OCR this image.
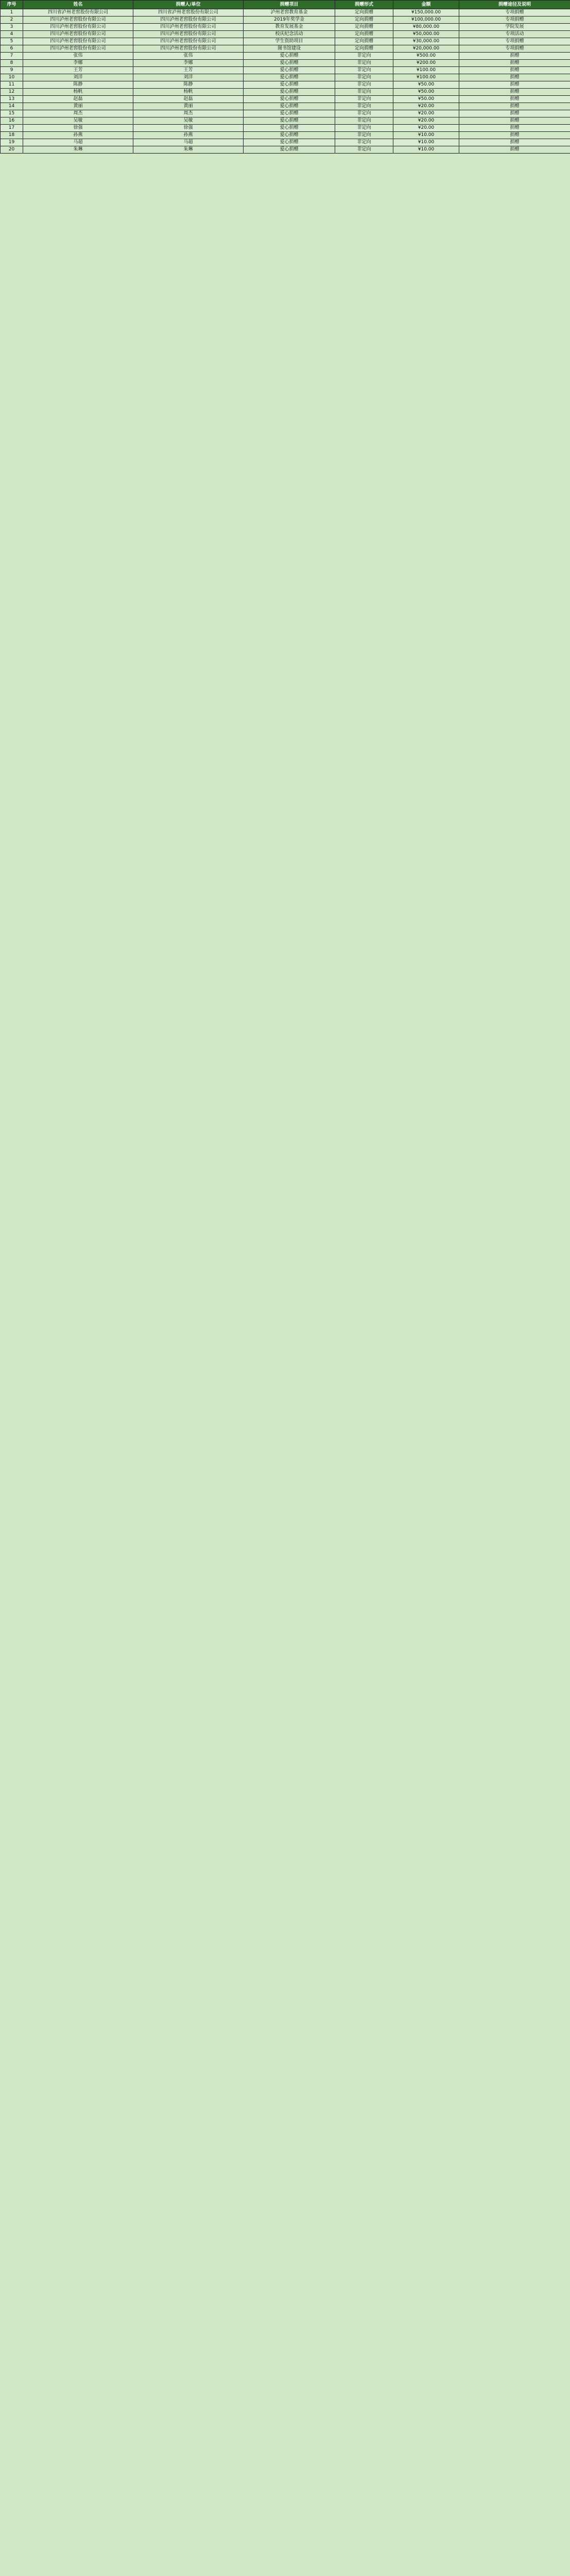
序号	姓名	捐赠人/单位	捐赠项目	捐赠形式	金额	捐赠途径及说明
1	四川省泸州老窖股份有限公司	四川省泸州老窖股份有限公司	泸州老窖教育基金	定向捐赠	¥150,000.00	专项捐赠
2	四川泸州老窖股份有限公司	四川泸州老窖股份有限公司	2019年奖学金	定向捐赠	¥100,000.00	专项捐赠
3	四川泸州老窖股份有限公司	四川泸州老窖股份有限公司	教育发展基金	定向捐赠	¥80,000.00	学院发展
4	四川泸州老窖股份有限公司	四川泸州老窖股份有限公司	校庆纪念活动	定向捐赠	¥50,000.00	专项活动
5	四川泸州老窖股份有限公司	四川泸州老窖股份有限公司	学生资助项目	定向捐赠	¥30,000.00	专项捐赠
6	四川泸州老窖股份有限公司	四川泸州老窖股份有限公司	图书馆建设	定向捐赠	¥20,000.00	专项捐赠
7	张伟	张伟	爱心捐赠	非定向	¥500.00	捐赠
8	李娜	李娜	爱心捐赠	非定向	¥200.00	捐赠
9	王芳	王芳	爱心捐赠	非定向	¥100.00	捐赠
10	刘洋	刘洋	爱心捐赠	非定向	¥100.00	捐赠
11	陈静	陈静	爱心捐赠	非定向	¥50.00	捐赠
12	杨帆	杨帆	爱心捐赠	非定向	¥50.00	捐赠
13	赵磊	赵磊	爱心捐赠	非定向	¥50.00	捐赠
14	黄丽	黄丽	爱心捐赠	非定向	¥20.00	捐赠
15	周杰	周杰	爱心捐赠	非定向	¥20.00	捐赠
16	吴敏	吴敏	爱心捐赠	非定向	¥20.00	捐赠
17	徐强	徐强	爱心捐赠	非定向	¥20.00	捐赠
18	孙燕	孙燕	爱心捐赠	非定向	¥10.00	捐赠
19	马超	马超	爱心捐赠	非定向	¥10.00	捐赠
20	朱琳	朱琳	爱心捐赠	非定向	¥10.00	捐赠
